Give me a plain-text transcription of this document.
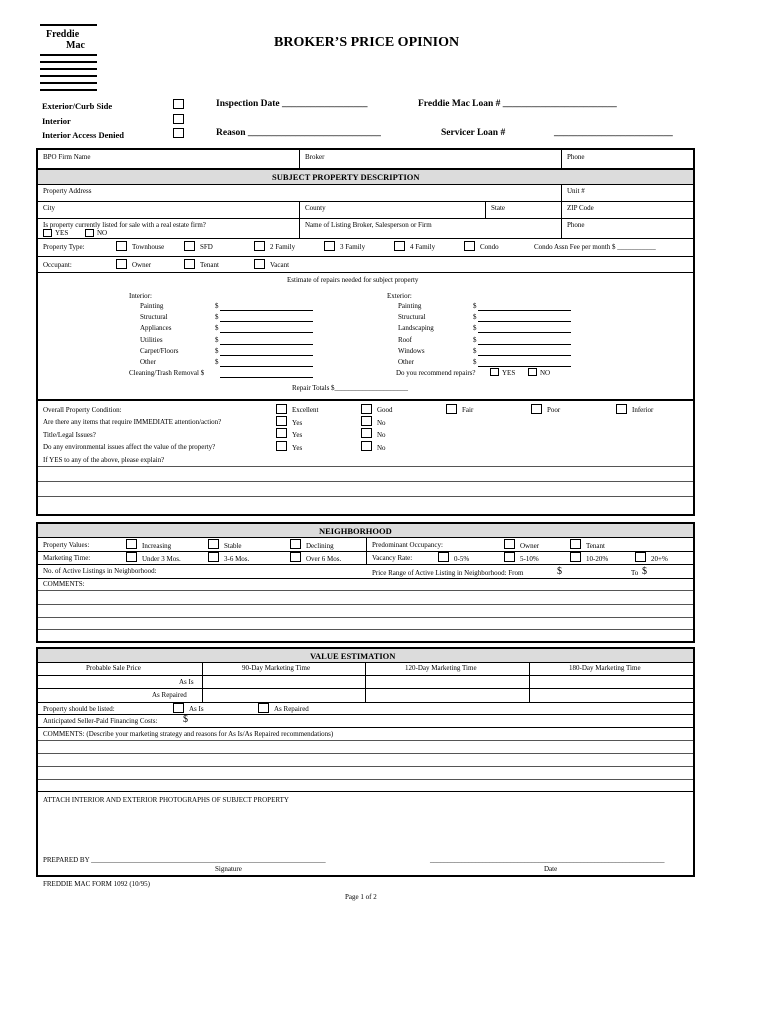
Freddie
Mac	BROKER’S PRICE OPINION
Exterior/Curb Side
Interior
Interior Access Denied
Inspection Date __________________
Reason ____________________________
Freddie Mac Loan # ________________________
Servicer Loan #	_________________________
BPO Firm Name	Broker	Phone
SUBJECT PROPERTY DESCRIPTION
Property Address	Unit #
City	County	State	ZIP Code
Is property currently listed for sale with a real estate firm?
YES	NO
Name of Listing Broker, Salesperson or Firm	Phone
Property Type:	Townhouse	SFD	2 Family	3 Family	4 Family	Condo	Condo Assn Fee per month $ ___________
Occupant:	Owner	Tenant	Vacant
Estimate of repairs needed for subject property
Interior:	Exterior:
Painting	$
Structural	$
Appliances	$
Utilities	$
Carpet/Floors	$
Other	$
Painting	$
Structural	$
Landscaping	$
Roof	$
Windows	$
Other	$
Cleaning/Trash Removal $	Do you recommend repairs?	YES	NO
Repair Totals $_____________________
Overall Property Condition:	Excellent	Good	Fair	Poor	Inferior
Are there any items that require IMMEDIATE attention/action?	Yes	No
Title/Legal Issues?	Yes	No
Do any environmental issues affect the value of the property?	Yes	No
If YES to any of the above, please explain?
NEIGHBORHOOD
Property Values:	Increasing	Stable	Declining	Predominant Occupancy:	Owner	Tenant
Marketing Time:	Under 3 Mos.	3-6 Mos.	Over 6 Mos.	Vacancy Rate:	0-5%	5-10%	10-20%	20+%
No. of Active Listings in Neighborhood:	Price Range of Active Listing in Neighborhood: From	$	To $
COMMENTS:
VALUE ESTIMATION
Probable Sale Price	90-Day Marketing Time	120-Day Marketing Time	180-Day Marketing Time
As Is
As Repaired
Property should be listed:	As Is	As Repaired
Anticipated Seller-Paid Financing Costs:	$
COMMENTS: (Describe your marketing strategy and reasons for As Is/As Repaired recommendations)
ATTACH INTERIOR AND EXTERIOR PHOTOGRAPHS OF SUBJECT PROPERTY
PREPARED BY ___________________________________________________________________	___________________________________________________________________
Signature	Date
FREDDIE MAC FORM 1092 (10/95)
Page 1 of 2
